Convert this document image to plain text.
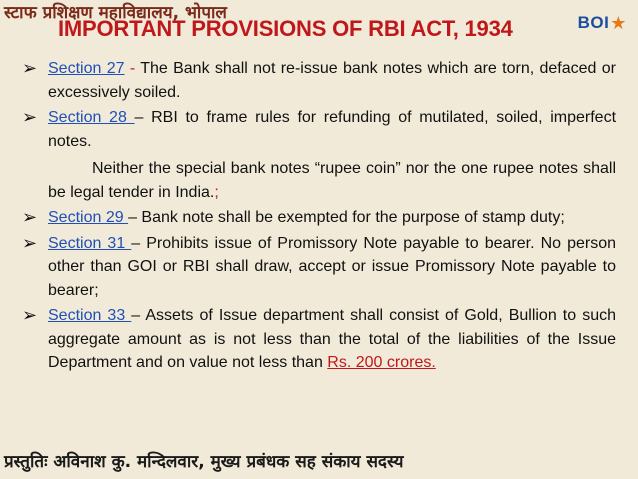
स्टाफ प्रशिक्षण महाविद्यालय, भोपाल	BOI ★
IMPORTANT PROVISIONS OF RBI ACT, 1934
➢ Section 27 - The Bank shall not re-issue bank notes which are torn, defaced or excessively soiled.
➢ Section 28 – RBI to frame rules for refunding of mutilated, soiled, imperfect notes.
Neither the special bank notes “rupee coin” nor the one rupee notes shall be legal tender in India.;
➢ Section 29 – Bank note shall be exempted for the purpose of stamp duty;
➢ Section 31 – Prohibits issue of Promissory Note payable to bearer. No person other than GOI or RBI shall draw, accept or issue Promissory Note payable to bearer;
➢ Section 33 – Assets of Issue department shall consist of Gold, Bullion to such aggregate amount as is not less than the total of the liabilities of the Issue Department and on value not less than Rs. 200 crores.
प्रस्तुतिः अविनाश कु. मन्दिलवार, मुख्य प्रबंधक सह संकाय सदस्य
